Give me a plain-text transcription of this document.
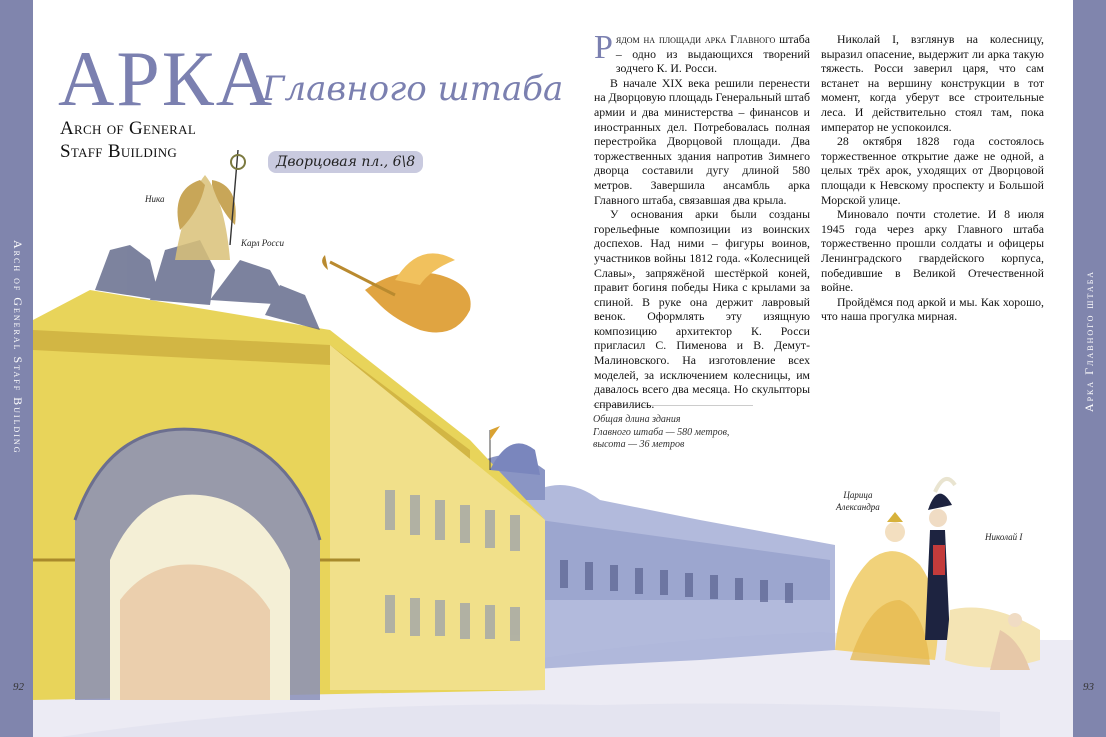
Arch of General Staff Building	Арка Главного штаба
92	93
АРКА
Главного штаба
Arch of General
Staff Building
Дворцовая пл., 6\8
Ника
Карл Росси
Царица
Александра
Николай I
Общая длина здания
Главного штаба — 580 метров,
высота — 36 метров

Рядом на площади арка Главного штаба – одно из выдающихся творений зодчего К. И. Росси.

В начале XIX века решили перенести на Дворцовую площадь Генеральный штаб армии и два министерства – финансов и иностранных дел. Потребовалась полная перестройка Дворцовой площади. Два торжественных здания напротив Зимнего дворца составили дугу длиной 580 метров. Завершила ансамбль арка Главного штаба, связавшая два крыла.

У основания арки были созданы горельефные композиции из воинских доспехов. Над ними – фигуры воинов, участников войны 1812 года. «Колесницей Славы», запряжёной шестёркой коней, правит богиня победы Ника с крылами за спиной. В руке она держит лавровый венок. Оформлять эту изящную композицию архитектор К. Росси пригласил С. Пименова и В. Демут-Малиновского. На изготовление всех моделей, за исключением колесницы, им давалось всего два месяца. Но скульпторы справились.

Николай I, взглянув на колесницу, выразил опасение, выдержит ли арка такую тяжесть. Росси заверил царя, что сам встанет на вершину конструкции в тот момент, когда уберут все строительные леса. И действительно стоял там, пока император не успокоился.

28 октября 1828 года состоялось торжественное открытие даже не одной, а целых трёх арок, уходящих от Дворцовой площади к Невскому проспекту и Большой Морской улице.

Миновало почти столетие. И 8 июля 1945 года через арку Главного штаба торжественно прошли солдаты и офицеры Ленинградского гвардейского корпуса, победившие в Великой Отечественной войне.

Пройдёмся под аркой и мы. Как хорошо, что наша прогулка мирная.
